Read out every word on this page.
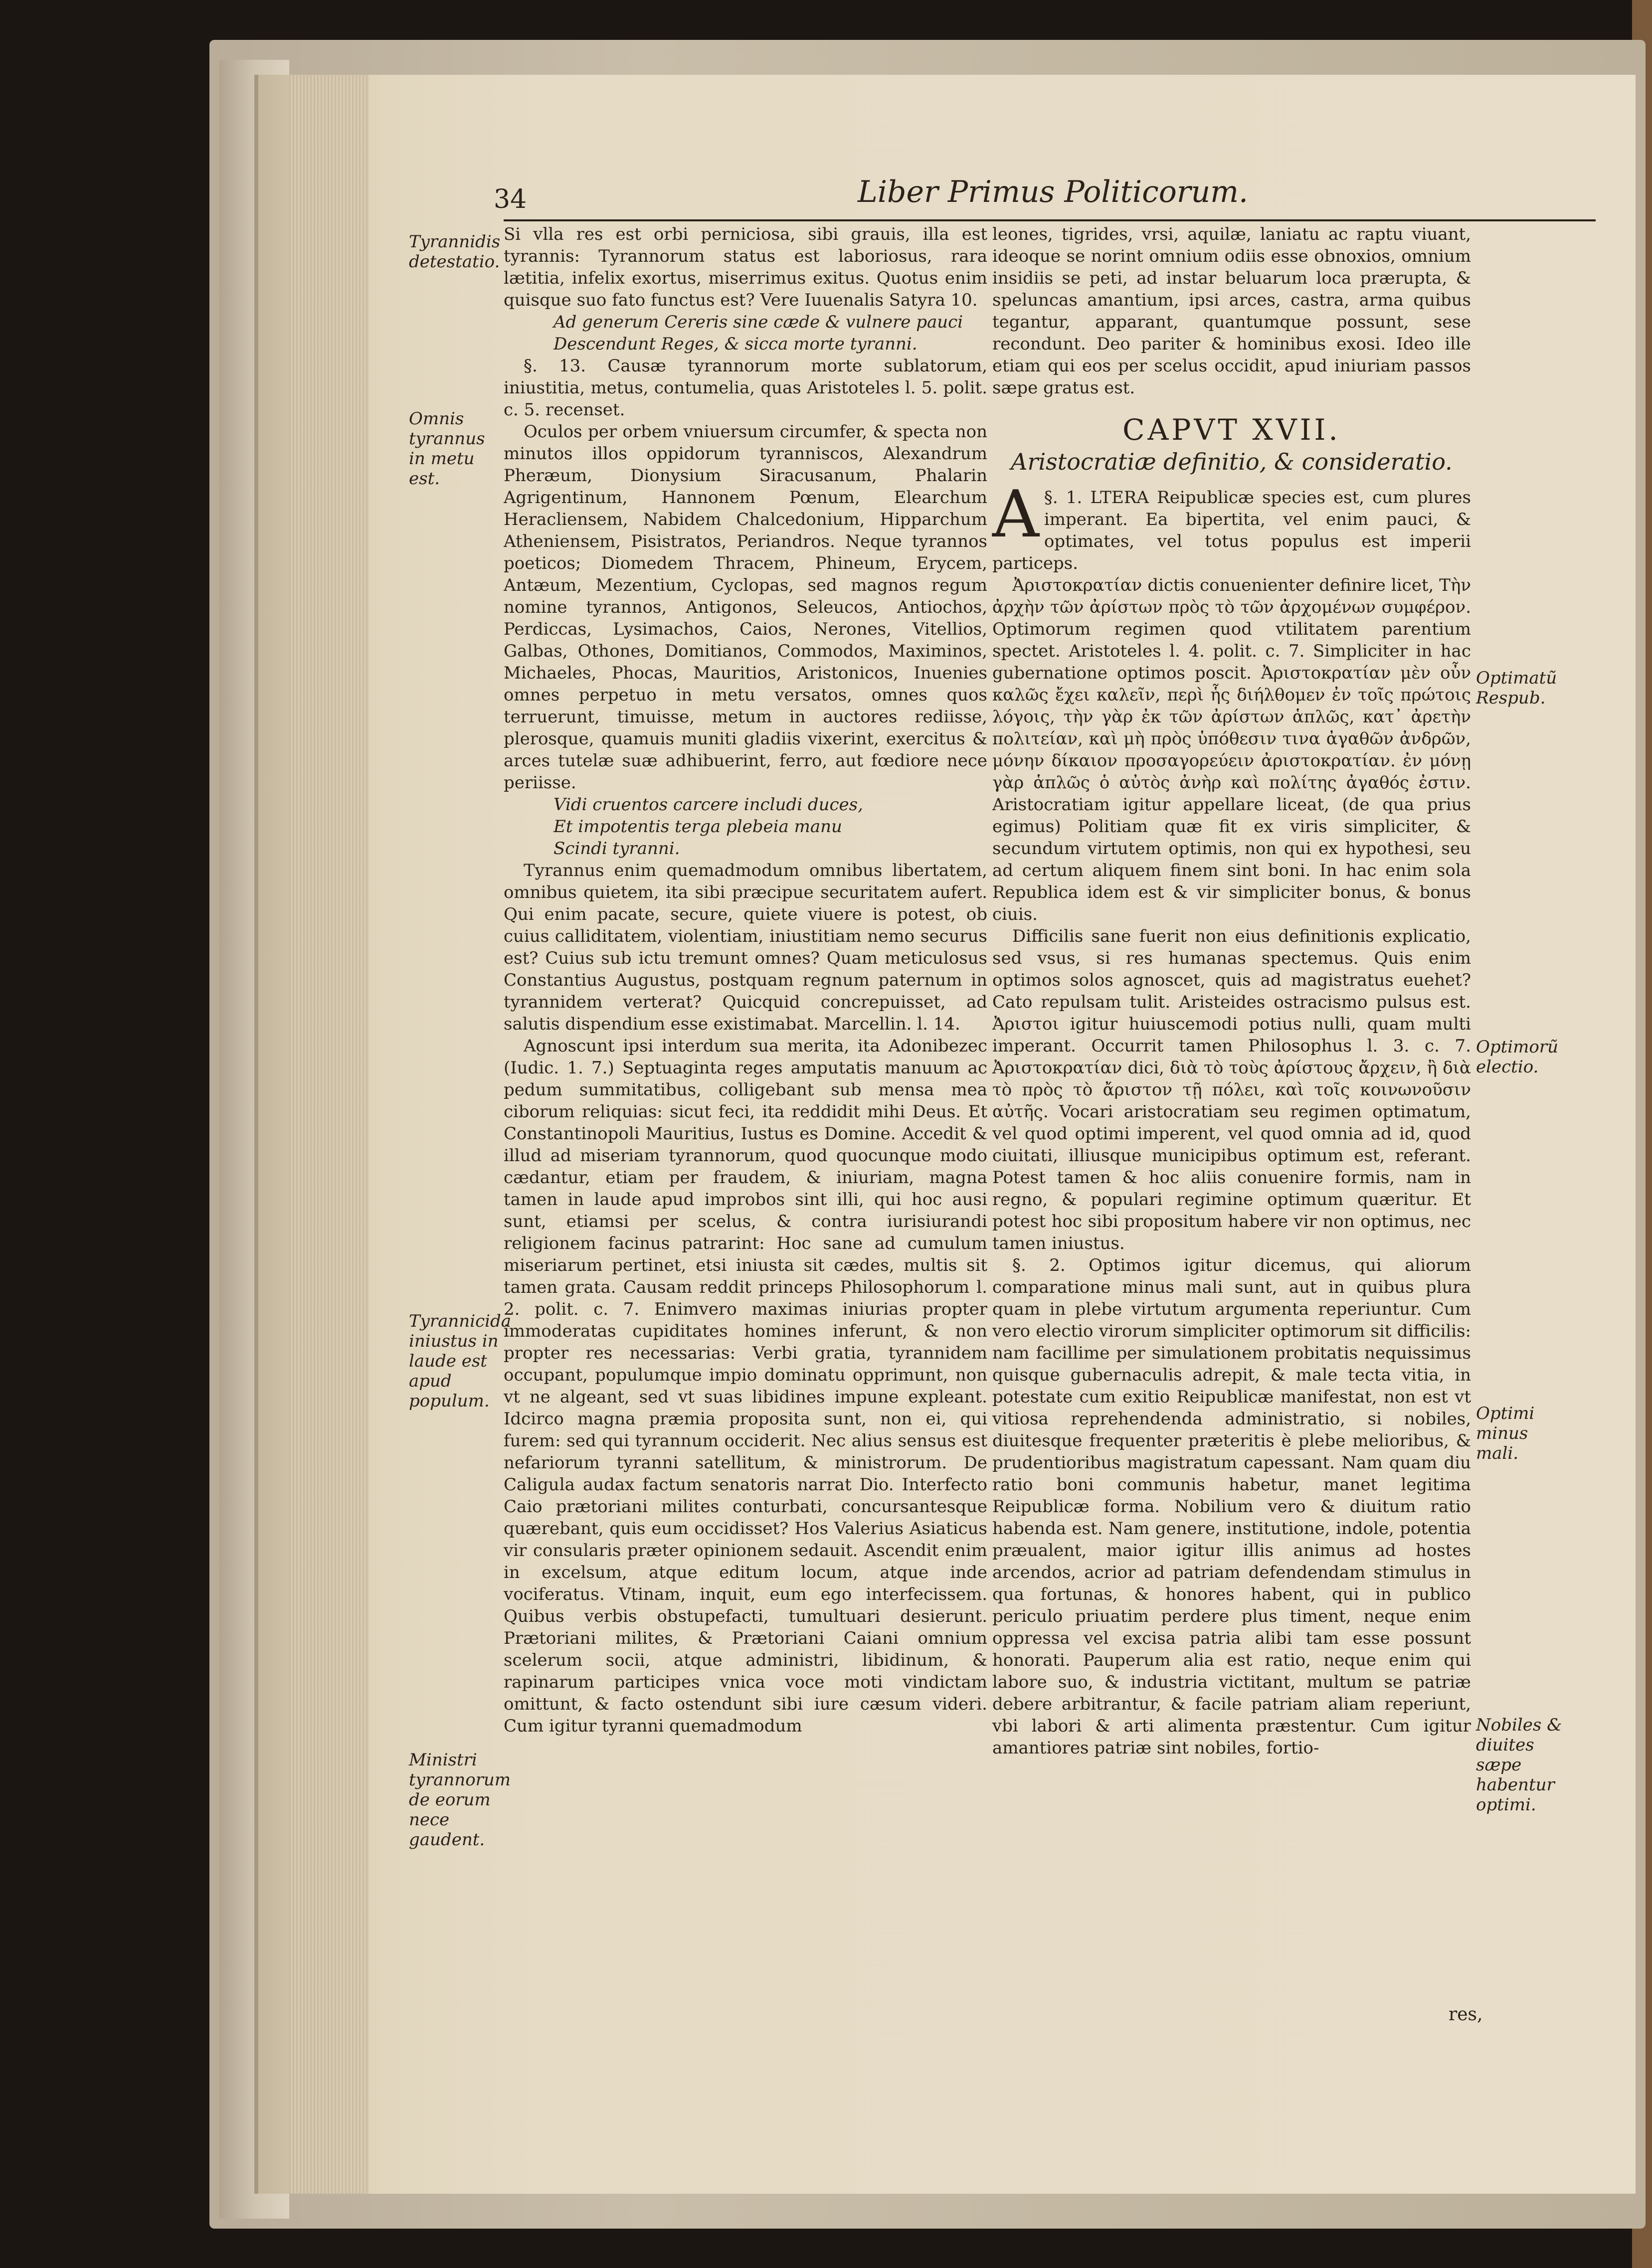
34	Liber Primus Politicorum.
Tyrannidis detestatio.
Omnis tyrannus in metu est.
Tyrannicida iniustus in laude est apud populum.
Ministri tyrannorum de eorum nece gaudent.
Optimatũ Respub.
Optimorũ electio.
Optimi minus mali.
Nobiles & diuites sæpe habentur optimi.

Si vlla res est orbi perniciosa, sibi grauis, illa est tyrannis: Tyrannorum status est laboriosus, rara lætitia, infelix exortus, miserrimus exitus. Quotus enim quisque suo fato functus est? Vere Iuuenalis Satyra 10.

Ad generum Cereris sine cæde & vulnere pauci
Descendunt Reges, & sicca morte tyranni.

§. 13. Causæ tyrannorum morte sublatorum, iniustitia, metus, contumelia, quas Aristoteles l. 5. polit. c. 5. recenset.

Oculos per orbem vniuersum circumfer, & specta non minutos illos oppidorum tyranniscos, Alexandrum Pheræum, Dionysium Siracusanum, Phalarin Agrigentinum, Hannonem Pœnum, Elearchum Heracliensem, Nabidem Chalcedonium, Hipparchum Atheniensem, Pisistratos, Periandros. Neque tyrannos poeticos; Diomedem Thracem, Phineum, Erycem, Antæum, Mezentium, Cyclopas, sed magnos regum nomine tyrannos, Antigonos, Seleucos, Antiochos, Perdiccas, Lysimachos, Caios, Nerones, Vitellios, Galbas, Othones, Domitianos, Commodos, Maximinos, Michaeles, Phocas, Mauritios, Aristonicos, Inuenies omnes perpetuo in metu versatos, omnes quos terruerunt, timuisse, metum in auctores rediisse, plerosque, quamuis muniti gladiis vixerint, exercitus & arces tutelæ suæ adhibuerint, ferro, aut fœdiore nece periisse.

Vidi cruentos carcere includi duces,
Et impotentis terga plebeia manu
Scindi tyranni.

Tyrannus enim quemadmodum omnibus libertatem, omnibus quietem, ita sibi præcipue securitatem aufert. Qui enim pacate, secure, quiete viuere is potest, ob cuius calliditatem, violentiam, iniustitiam nemo securus est? Cuius sub ictu tremunt omnes? Quam meticulosus Constantius Augustus, postquam regnum paternum in tyrannidem verterat? Quicquid concrepuisset, ad salutis dispendium esse existimabat. Marcellin. l. 14.

Agnoscunt ipsi interdum sua merita, ita Adonibezec (Iudic. 1. 7.) Septuaginta reges amputatis manuum ac pedum summitatibus, colligebant sub mensa mea ciborum reliquias: sicut feci, ita reddidit mihi Deus. Et Constantinopoli Mauritius, Iustus es Domine. Accedit & illud ad miseriam tyrannorum, quod quocunque modo cædantur, etiam per fraudem, & iniuriam, magna tamen in laude apud improbos sint illi, qui hoc ausi sunt, etiamsi per scelus, & contra iurisiurandi religionem facinus patrarint: Hoc sane ad cumulum miseriarum pertinet, etsi iniusta sit cædes, multis sit tamen grata. Causam reddit princeps Philosophorum l. 2. polit. c. 7. Enimvero maximas iniurias propter immoderatas cupiditates homines inferunt, & non propter res necessarias: Verbi gratia, tyrannidem occupant, populumque impio dominatu opprimunt, non vt ne algeant, sed vt suas libidines impune expleant. Idcirco magna præmia proposita sunt, non ei, qui furem: sed qui tyrannum occiderit. Nec alius sensus est nefariorum tyranni satellitum, & ministrorum. De Caligula audax factum senatoris narrat Dio. Interfecto Caio prætoriani milites conturbati, concursantesque quærebant, quis eum occidisset? Hos Valerius Asiaticus vir consularis præter opinionem sedauit. Ascendit enim in excelsum, atque editum locum, atque inde vociferatus. Vtinam, inquit, eum ego interfecissem. Quibus verbis obstupefacti, tumultuari desierunt. Prætoriani milites, & Prætoriani Caiani omnium scelerum socii, atque administri, libidinum, & rapinarum participes vnica voce moti vindictam omittunt, & facto ostendunt sibi iure cæsum videri. Cum igitur tyranni quemadmodum

leones, tigrides, vrsi, aquilæ, laniatu ac raptu viuant, ideoque se norint omnium odiis esse obnoxios, omnium insidiis se peti, ad instar beluarum loca prærupta, & speluncas amantium, ipsi arces, castra, arma quibus tegantur, apparant, quantumque possunt, sese recondunt. Deo pariter & hominibus exosi. Ideo ille etiam qui eos per scelus occidit, apud iniuriam passos sæpe gratus est.

CAPVT XVII.
Aristocratiæ definitio, & consideratio.

§. 1.
A	LTERA Reipublicæ species est, cum plures imperant. Ea bipertita, vel enim pauci, & optimates, vel totus populus est imperii particeps.

Ἀριστοκρατίαν dictis conuenienter definire licet, Τὴν ἀρχὴν τῶν ἀρίστων πρὸς τὸ τῶν ἀρχομένων συμφέρον. Optimorum regimen quod vtilitatem parentium spectet. Aristoteles l. 4. polit. c. 7. Simpliciter in hac gubernatione optimos poscit. Ἀριστοκρατίαν μὲν οὖν καλῶς ἔχει καλεῖν, περὶ ἧς διήλθομεν ἐν τοῖς πρώτοις λόγοις, τὴν γὰρ ἐκ τῶν ἀρίστων ἁπλῶς, κατ᾽ ἀρετὴν πολιτείαν, καὶ μὴ πρὸς ὑπόθεσιν τινα ἀγαθῶν ἀνδρῶν, μόνην δίκαιον προσαγορεύειν ἀριστοκρατίαν. ἐν μόνῃ γὰρ ἁπλῶς ὁ αὐτὸς ἀνὴρ καὶ πολίτης ἀγαθός ἐστιν. Aristocratiam igitur appellare liceat, (de qua prius egimus) Politiam quæ fit ex viris simpliciter, & secundum virtutem optimis, non qui ex hypothesi, seu ad certum aliquem finem sint boni. In hac enim sola Republica idem est & vir simpliciter bonus, & bonus ciuis.

Difficilis sane fuerit non eius definitionis explicatio, sed vsus, si res humanas spectemus. Quis enim optimos solos agnoscet, quis ad magistratus euehet? Cato repulsam tulit. Aristeides ostracismo pulsus est. Ἀριστοι igitur huiuscemodi potius nulli, quam multi imperant. Occurrit tamen Philosophus l. 3. c. 7. Ἀριστοκρατίαν dici, διὰ τὸ τοὺς ἀρίστους ἄρχειν, ἢ διὰ τὸ πρὸς τὸ ἄριστον τῇ πόλει, καὶ τοῖς κοινωνοῦσιν αὐτῆς. Vocari aristocratiam seu regimen optimatum, vel quod optimi imperent, vel quod omnia ad id, quod ciuitati, illiusque municipibus optimum est, referant. Potest tamen & hoc aliis conuenire formis, nam in regno, & populari regimine optimum quæritur. Et potest hoc sibi propositum habere vir non optimus, nec tamen iniustus.

§. 2. Optimos igitur dicemus, qui aliorum comparatione minus mali sunt, aut in quibus plura quam in plebe virtutum argumenta reperiuntur. Cum vero electio virorum simpliciter optimorum sit difficilis: nam facillime per simulationem probitatis nequissimus quisque gubernaculis adrepit, & male tecta vitia, in potestate cum exitio Reipublicæ manifestat, non est vt vitiosa reprehendenda administratio, si nobiles, diuitesque frequenter præteritis è plebe melioribus, & prudentioribus magistratum capessant. Nam quam diu ratio boni communis habetur, manet legitima Reipublicæ forma. Nobilium vero & diuitum ratio habenda est. Nam genere, institutione, indole, potentia præualent, maior igitur illis animus ad hostes arcendos, acrior ad patriam defendendam stimulus in qua fortunas, & honores habent, qui in publico periculo priuatim perdere plus timent, neque enim oppressa vel excisa patria alibi tam esse possunt honorati. Pauperum alia est ratio, neque enim qui labore suo, & industria victitant, multum se patriæ debere arbitrantur, & facile patriam aliam reperiunt, vbi labori & arti alimenta præstentur. Cum igitur amantiores patriæ sint nobiles, fortio-

res,
